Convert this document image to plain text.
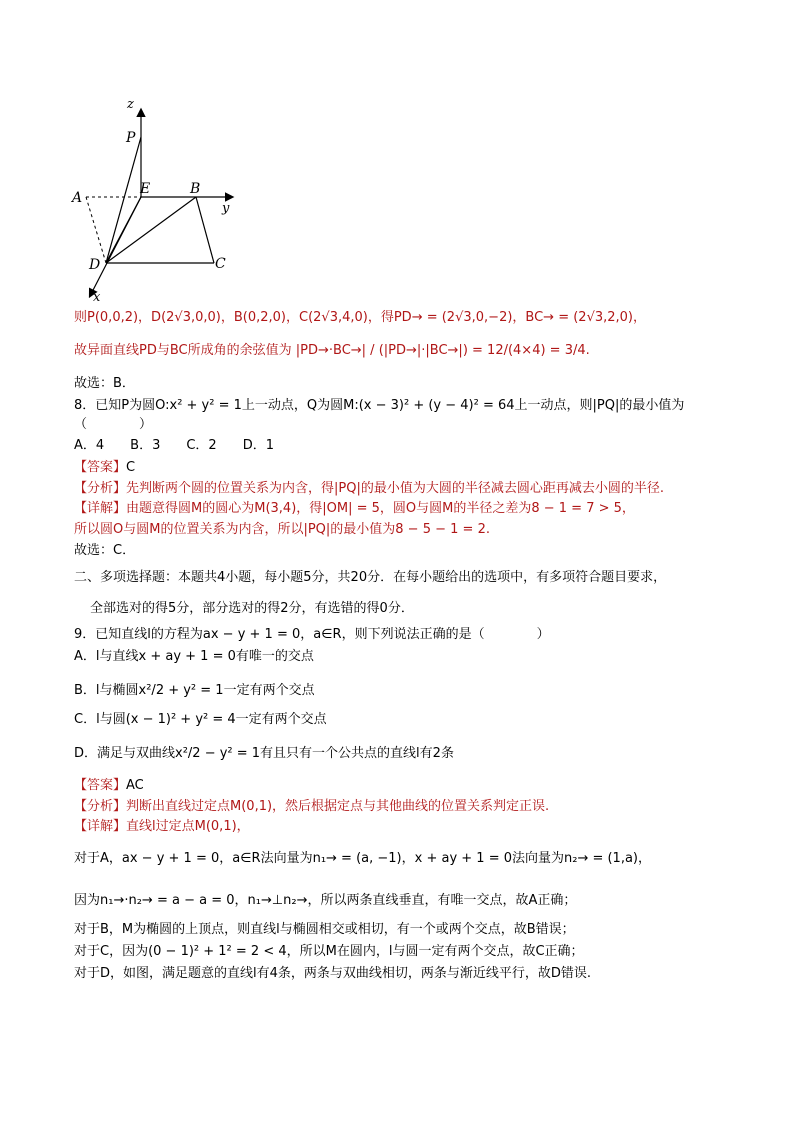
z
P
E	B
A
y
D	C
x
则P(0,0,2)，D(2√3,0,0)，B(0,2,0)，C(2√3,4,0)，得PD→ = (2√3,0,−2)，BC→ = (2√3,2,0)，
故异面直线PD与BC所成角的余弦值为 |PD→·BC→| / (|PD→|·|BC→|) = 12/(4×4) = 3/4.
故选：B．
8．已知P为圆O:x² + y² = 1上一动点，Q为圆M:(x − 3)² + (y − 4)² = 64上一动点，则|PQ|的最小值为
（　　　　）
A．4　　B．3　　C．2　　D．1
【答案】C
【分析】先判断两个圆的位置关系为内含，得|PQ|的最小值为大圆的半径减去圆心距再减去小圆的半径.
【详解】由题意得圆M的圆心为M(3,4)，得|OM| = 5，圆O与圆M的半径之差为8 − 1 = 7 > 5，
所以圆O与圆M的位置关系为内含，所以|PQ|的最小值为8 − 5 − 1 = 2.
故选：C．
二、多项选择题：本题共4小题，每小题5分，共20分．在每小题给出的选项中，有多项符合题目要求，
全部选对的得5分，部分选对的得2分，有选错的得0分．
9．已知直线l的方程为ax − y + 1 = 0，a∈R，则下列说法正确的是（　　　　）
A．l与直线x + ay + 1 = 0有唯一的交点
B．l与椭圆x²/2 + y² = 1一定有两个交点
C．l与圆(x − 1)² + y² = 4一定有两个交点
D．满足与双曲线x²/2 − y² = 1有且只有一个公共点的直线l有2条
【答案】AC
【分析】判断出直线过定点M(0,1)，然后根据定点与其他曲线的位置关系判定正误.
【详解】直线l过定点M(0,1)，
对于A，ax − y + 1 = 0，a∈R法向量为n₁→ = (a, −1)，x + ay + 1 = 0法向量为n₂→ = (1,a)，
因为n₁→·n₂→ = a − a = 0，n₁→⊥n₂→，所以两条直线垂直，有唯一交点，故A正确；
对于B，M为椭圆的上顶点，则直线l与椭圆相交或相切，有一个或两个交点，故B错误；
对于C，因为(0 − 1)² + 1² = 2 < 4，所以M在圆内，l与圆一定有两个交点，故C正确；
对于D，如图，满足题意的直线l有4条，两条与双曲线相切，两条与渐近线平行，故D错误.
